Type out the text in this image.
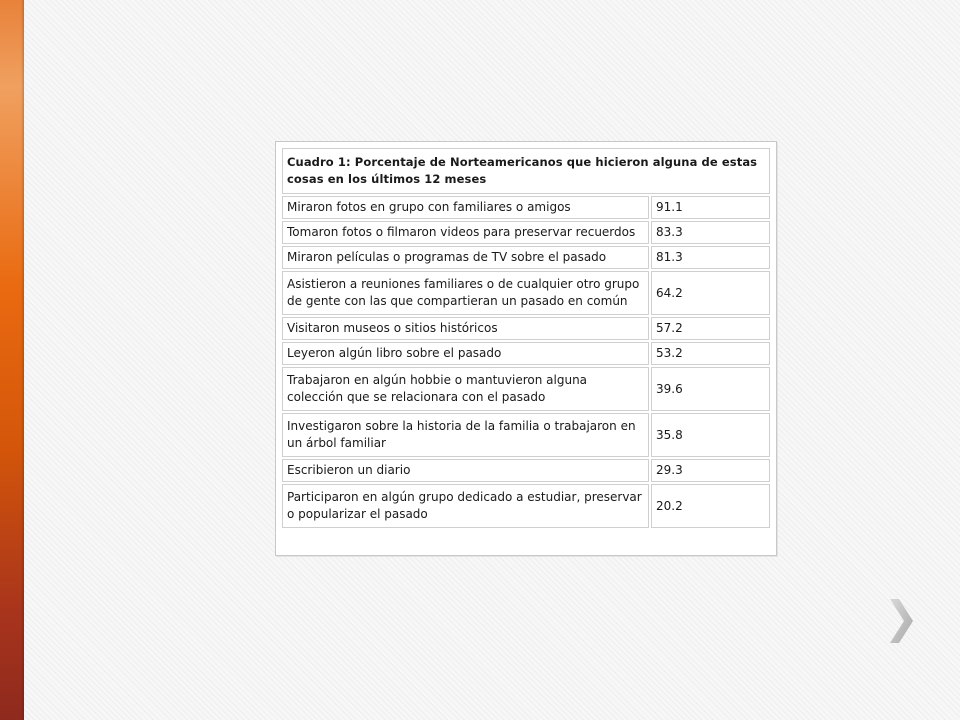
Cuadro 1: Porcentaje de Norteamericanos que hicieron alguna de estas cosas en los últimos 12 meses	
Miraron fotos en grupo con familiares o amigos	91.1
Tomaron fotos o filmaron videos para preservar recuerdos	83.3
Miraron películas o programas de TV sobre el pasado	81.3
Asistieron a reuniones familiares o de cualquier otro grupo de gente con las que compartieran un pasado en común	64.2
Visitaron museos o sitios históricos	57.2
Leyeron algún libro sobre el pasado	53.2
Trabajaron en algún hobbie o mantuvieron alguna colección que se relacionara con el pasado	39.6
Investigaron sobre la historia de la familia o trabajaron en un árbol familiar	35.8
Escribieron un diario	29.3
Participaron en algún grupo dedicado a estudiar, preservar o popularizar el pasado	20.2
